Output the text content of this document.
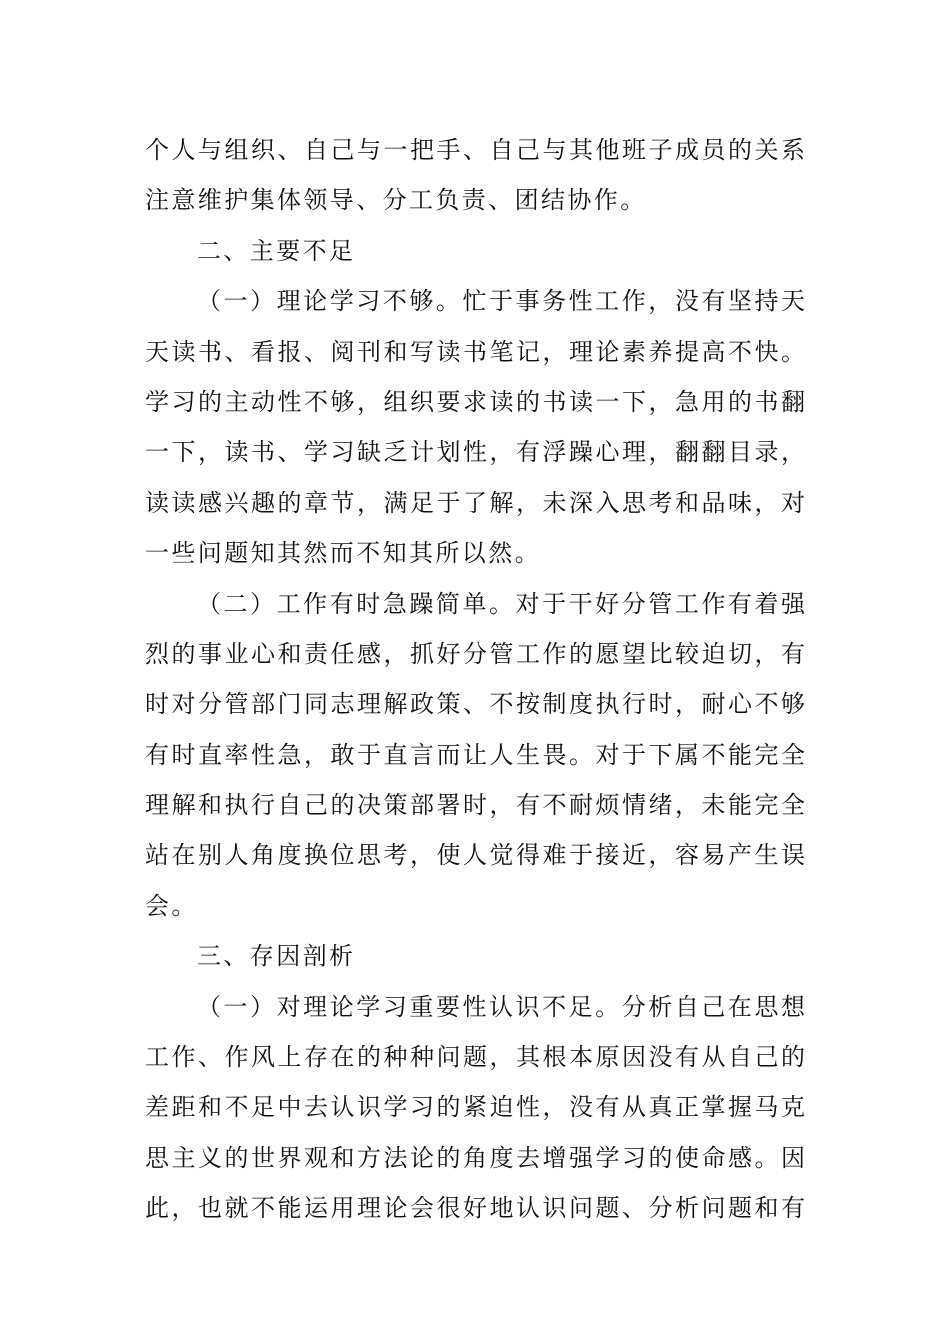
个人与组织、自己与一把手、自己与其他班子成员的关系
注意维护集体领导、分工负责、团结协作。
二、主要不足
（一）理论学习不够。忙于事务性工作，没有坚持天
天读书、看报、阅刊和写读书笔记，理论素养提高不快。
学习的主动性不够，组织要求读的书读一下，急用的书翻
一下，读书、学习缺乏计划性，有浮躁心理，翻翻目录，
读读感兴趣的章节，满足于了解，未深入思考和品味，对
一些问题知其然而不知其所以然。
（二）工作有时急躁简单。对于干好分管工作有着强
烈的事业心和责任感，抓好分管工作的愿望比较迫切，有
时对分管部门同志理解政策、不按制度执行时，耐心不够
有时直率性急，敢于直言而让人生畏。对于下属不能完全
理解和执行自己的决策部署时，有不耐烦情绪，未能完全
站在别人角度换位思考，使人觉得难于接近，容易产生误
会。
三、存因剖析
（一）对理论学习重要性认识不足。分析自己在思想
工作、作风上存在的种种问题，其根本原因没有从自己的
差距和不足中去认识学习的紧迫性，没有从真正掌握马克
思主义的世界观和方法论的角度去增强学习的使命感。因
此，也就不能运用理论会很好地认识问题、分析问题和有
